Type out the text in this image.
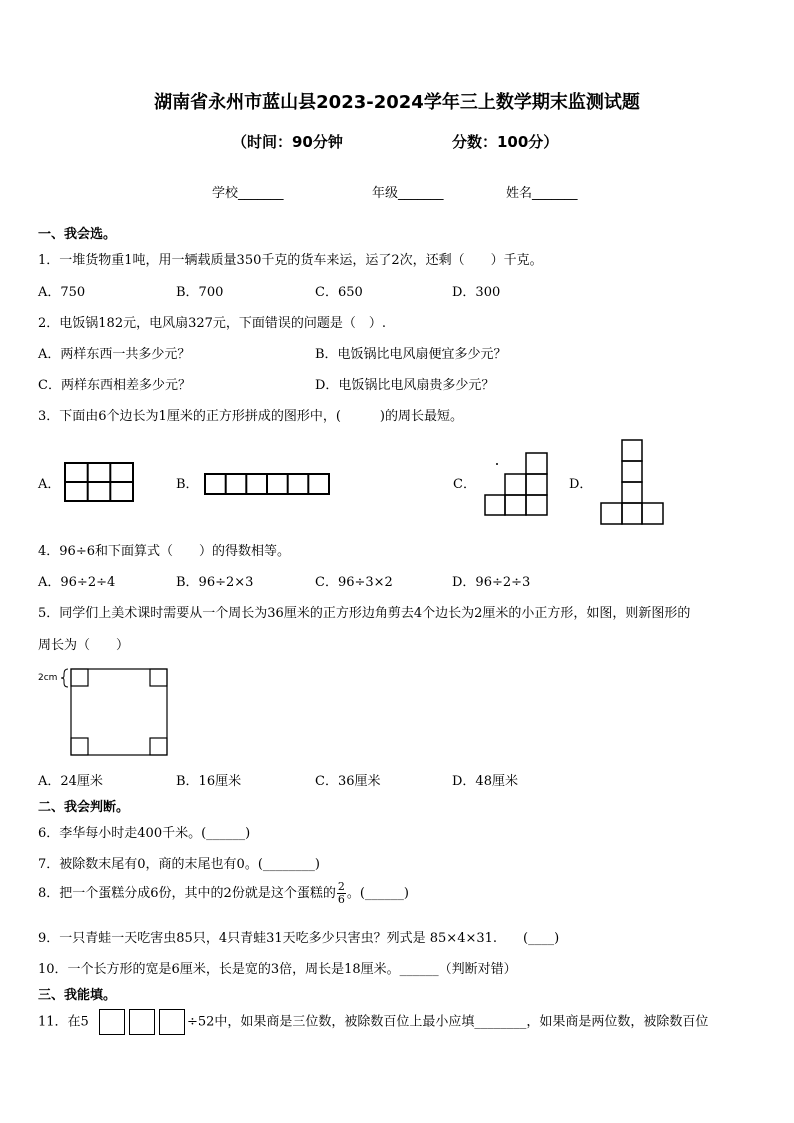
湖南省永州市蓝山县2023-2024学年三上数学期末监测试题
（时间：90分钟	分数：100分）
学校_______	年级_______	姓名_______
一、我会选。
1．一堆货物重1吨，用一辆载质量350千克的货车来运，运了2次，还剩（　　）千克。
A．750	B．700	C．650	D．300
2．电饭锅182元，电风扇327元，下面错误的问题是（　）.
A．两样东西一共多少元？	B．电饭锅比电风扇便宜多少元？
C．两样东西相差多少元？	D．电饭锅比电风扇贵多少元？
3．下面由6个边长为1厘米的正方形拼成的图形中，(　　　)的周长最短。
A．	B．	C．	D．
4．96÷6和下面算式（　　）的得数相等。
A．96÷2÷4	B．96÷2×3	C．96÷3×2	D．96÷2÷3
5．同学们上美术课时需要从一个周长为36厘米的正方形边角剪去4个边长为2厘米的小正方形，如图，则新图形的
周长为（　　）
2cm
A．24厘米	B．16厘米	C．36厘米	D．48厘米
二、我会判断。
6．李华每小时走400千米。(______)
7．被除数末尾有0，商的末尾也有0。(________)
8．把一个蛋糕分成6份，其中的2份就是这个蛋糕的 $\frac{2}{6}$ 。(______)
9．一只青蛙一天吃害虫85只，4只青蛙31天吃多少只害虫？列式是 85×4×31.　　(____)
10．一个长方形的宽是6厘米，长是宽的3倍，周长是18厘米。______（判断对错）
三、我能填。
11．在5	÷52中，如果商是三位数，被除数百位上最小应填________，如果商是两位数，被除数百位
